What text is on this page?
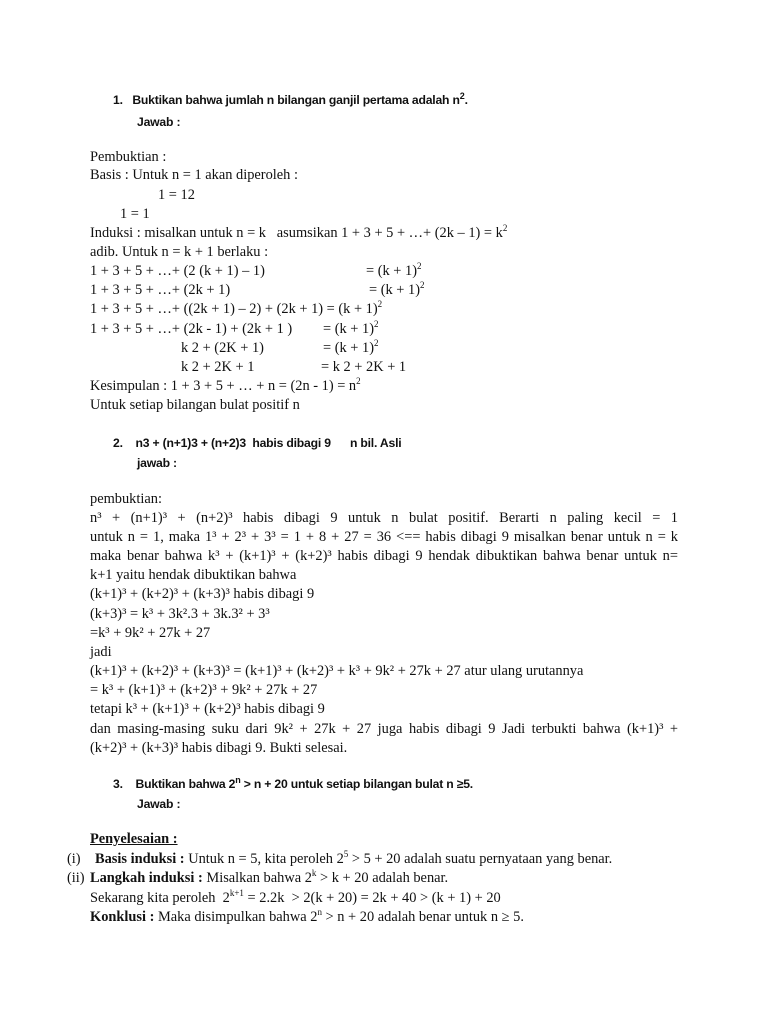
1. Buktikan bahwa jumlah n bilangan ganjil pertama adalah $n^2$.
Jawab :
Pembuktian :
Basis : Untuk n = 1 akan diperoleh :
1 = 12
1 = 1
Induksi : misalkan untuk n = k   asumsikan 1 + 3 + 5 + …+ $(2k - 1) = k^2$
adib. Untuk n = k + 1 berlaku :
1 + 3 + 5 + …+ (2 (k + 1) – 1)	= $(k + 1)^2$
1 + 3 + 5 + …+ (2k + 1)	= $(k + 1)^2$
1 + 3 + 5 + …+ $((2k + 1) - 2) + (2k + 1) = (k + 1)^2$
1 + 3 + 5 + …+ (2k - 1) + (2k + 1 ) = $(k + 1)^2$
k 2 + (2K + 1)	= $(k + 1)^2$
k 2 + 2K + 1	= k 2 + 2K + 1
Kesimpulan : 1 + 3 + 5 + … + $n = (2n - 1) = n^2$
Untuk setiap bilangan bulat positif n
2. n3 + (n+1)3 + (n+2)3  habis dibagi 9      n bil. Asli
jawab :
pembuktian:
n³ + (n+1)³ + (n+2)³ habis dibagi 9 untuk n bulat positif. Berarti n paling kecil = 1
untuk n = 1, maka 1³ + 2³ + 3³ = 1 + 8 + 27 = 36 <== habis dibagi 9 misalkan benar untuk n = k
maka benar bahwa k³ + (k+1)³ + (k+2)³ habis dibagi 9 hendak dibuktikan bahwa benar untuk n=
k+1 yaitu hendak dibuktikan bahwa
(k+1)³ + (k+2)³ + (k+3)³ habis dibagi 9
(k+3)³ = k³ + 3k².3 + 3k.3² + 3³
=k³ + 9k² + 27k + 27
jadi
(k+1)³ + (k+2)³ + (k+3)³ = (k+1)³ + (k+2)³ + k³ + 9k² + 27k + 27 atur ulang urutannya
= k³ + (k+1)³ + (k+2)³ + 9k² + 27k + 27
tetapi k³ + (k+1)³ + (k+2)³ habis dibagi 9
dan masing-masing suku dari 9k² + 27k + 27 juga habis dibagi 9 Jadi terbukti bahwa (k+1)³ +
(k+2)³ + (k+3)³ habis dibagi 9. Bukti selesai.
3. Buktikan bahwa $2^n > n + 20$ untuk setiap bilangan bulat n ≥5.
Jawab :
Penyelesaian :
(i) Basis induksi : Untuk n = 5, kita peroleh $2^5 > 5 + 20$ adalah suatu pernyataan yang benar.
(ii) Langkah induksi : Misalkan bahwa $2^k > k + 20$ adalah benar.
Sekarang kita peroleh  $2^{k+1} = 2.2k > 2(k + 20) = 2k + 40 > (k + 1) + 20$
Konklusi : Maka disimpulkan bahwa $2^n > n + 20$ adalah benar untuk n ≥ 5.
